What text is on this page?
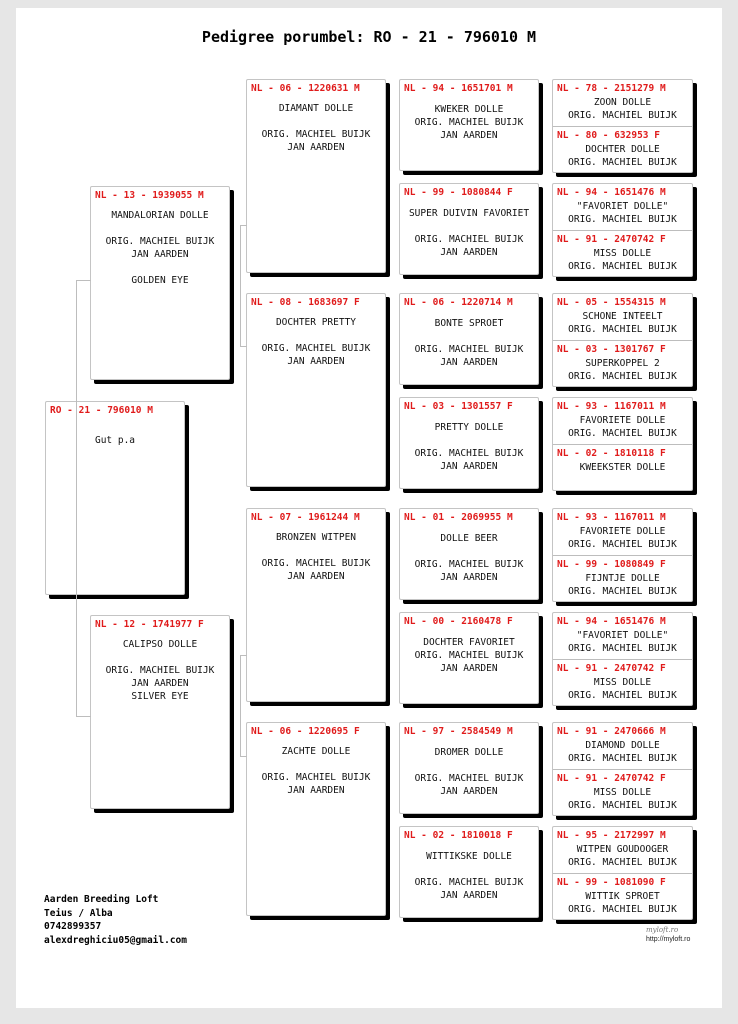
Pedigree porumbel: RO - 21 - 796010 M
RO - 21 - 796010 M
Gut p.a
NL - 13 - 1939055 M
MANDALORIAN DOLLE

ORIG. MACHIEL BUIJK
JAN AARDEN

GOLDEN EYE
NL - 12 - 1741977 F
CALIPSO DOLLE

ORIG. MACHIEL BUIJK
JAN AARDEN
SILVER EYE
NL - 06 - 1220631 M
DIAMANT DOLLE

ORIG. MACHIEL BUIJK
JAN AARDEN
NL - 08 - 1683697 F
DOCHTER PRETTY

ORIG. MACHIEL BUIJK
JAN AARDEN
NL - 07 - 1961244 M
BRONZEN WITPEN

ORIG. MACHIEL BUIJK
JAN AARDEN
NL - 06 - 1220695 F
ZACHTE DOLLE

ORIG. MACHIEL BUIJK
JAN AARDEN
NL - 94 - 1651701 M
KWEKER DOLLE
ORIG. MACHIEL BUIJK
JAN AARDEN
NL - 99 - 1080844 F
SUPER DUIVIN FAVORIET

ORIG. MACHIEL BUIJK
JAN AARDEN
NL - 06 - 1220714 M
BONTE SPROET

ORIG. MACHIEL BUIJK
JAN AARDEN
NL - 03 - 1301557 F
PRETTY DOLLE

ORIG. MACHIEL BUIJK
JAN AARDEN
NL - 01 - 2069955 M
DOLLE BEER

ORIG. MACHIEL BUIJK
JAN AARDEN
NL - 00 - 2160478 F
DOCHTER FAVORIET
ORIG. MACHIEL BUIJK
JAN AARDEN
NL - 97 - 2584549 M
DROMER DOLLE

ORIG. MACHIEL BUIJK
JAN AARDEN
NL - 02 - 1810018 F
WITTIKSKE DOLLE

ORIG. MACHIEL BUIJK
JAN AARDEN
NL - 78 - 2151279 M
ZOON DOLLE
ORIG. MACHIEL BUIJK
NL - 80 - 632953 F
DOCHTER DOLLE
ORIG. MACHIEL BUIJK
NL - 94 - 1651476 M
"FAVORIET DOLLE"
ORIG. MACHIEL BUIJK
NL - 91 - 2470742 F
MISS DOLLE
ORIG. MACHIEL BUIJK
NL - 05 - 1554315 M
SCHONE INTEELT
ORIG. MACHIEL BUIJK
NL - 03 - 1301767 F
SUPERKOPPEL 2
ORIG. MACHIEL BUIJK
NL - 93 - 1167011 M
FAVORIETE DOLLE
ORIG. MACHIEL BUIJK
NL - 02 - 1810118 F
KWEEKSTER DOLLE
NL - 93 - 1167011 M
FAVORIETE DOLLE
ORIG. MACHIEL BUIJK
NL - 99 - 1080849 F
FIJNTJE DOLLE
ORIG. MACHIEL BUIJK
NL - 94 - 1651476 M
"FAVORIET DOLLE"
ORIG. MACHIEL BUIJK
NL - 91 - 2470742 F
MISS DOLLE
ORIG. MACHIEL BUIJK
NL - 91 - 2470666 M
DIAMOND DOLLE
ORIG. MACHIEL BUIJK
NL - 91 - 2470742 F
MISS DOLLE
ORIG. MACHIEL BUIJK
NL - 95 - 2172997 M
WITPEN GOUDOOGER
ORIG. MACHIEL BUIJK
NL - 99 - 1081090 F
WITTIK SPROET
ORIG. MACHIEL BUIJK
Aarden Breeding Loft
Teius / Alba
0742899357
alexdreghiciu05@gmail.com
myloft.ro
http://myloft.ro
